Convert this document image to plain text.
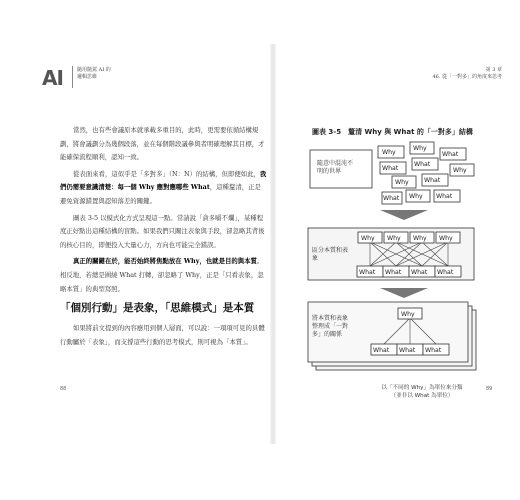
AI	隨用隨駕 AI 的
邏輯思維
第 3 章
46. 從「一對多」的角度來思考

當然，也有些會議原本就承載多重目的，此時，更需要依循結構規劃，將會議劃分為幾個段落，並在每個階段議參與者明確理解其目標，才能確保流程順利，認知一致。

從表面來看，這似乎是「多對多」（N：N）的結構，但即便如此，我們仍需要意識清楚：每一個 Why 應對應哪些 What，這種釐清，正是避免資源錯置與認知落差的關鍵。

圖表 3-5 以模式化方式呈現這一點。常請說「貪多嚼不爛」，某種程度正好點出這種結構的盲點。如果我們只關注表象與手段，卻忽略其背後的核心目的，即便投入大量心力，方向也可能完全錯誤。

真正的關鍵在於，能否始終將焦點放在 Why，也就是目的與本質。相反地，若總是圍繞 What 打轉，卻忽略了 Why，正是「只看表象，忽略本質」的典型寫照。

「個別行動」是表象，「思維模式」是本質

如果將前文提到的內容應用到個人層面，可以說：一項項可見的具體行動屬於「表象」，而支撐這些行動的思考模式，則可視為「本質」。

88	89
圖表 3-5　釐清 Why 與 What 的「一對多」結構
隨意中混沌不明的世界
Why
Why
What
What
What
Why
Why What
Why What
What
區分本質和表象
Why Why Why Why
What What What What
將本質和表象整理成「一對多」的關係
Why
What What What
以「不同的 Why」為單位來分類
（並非以 What 為單位）
